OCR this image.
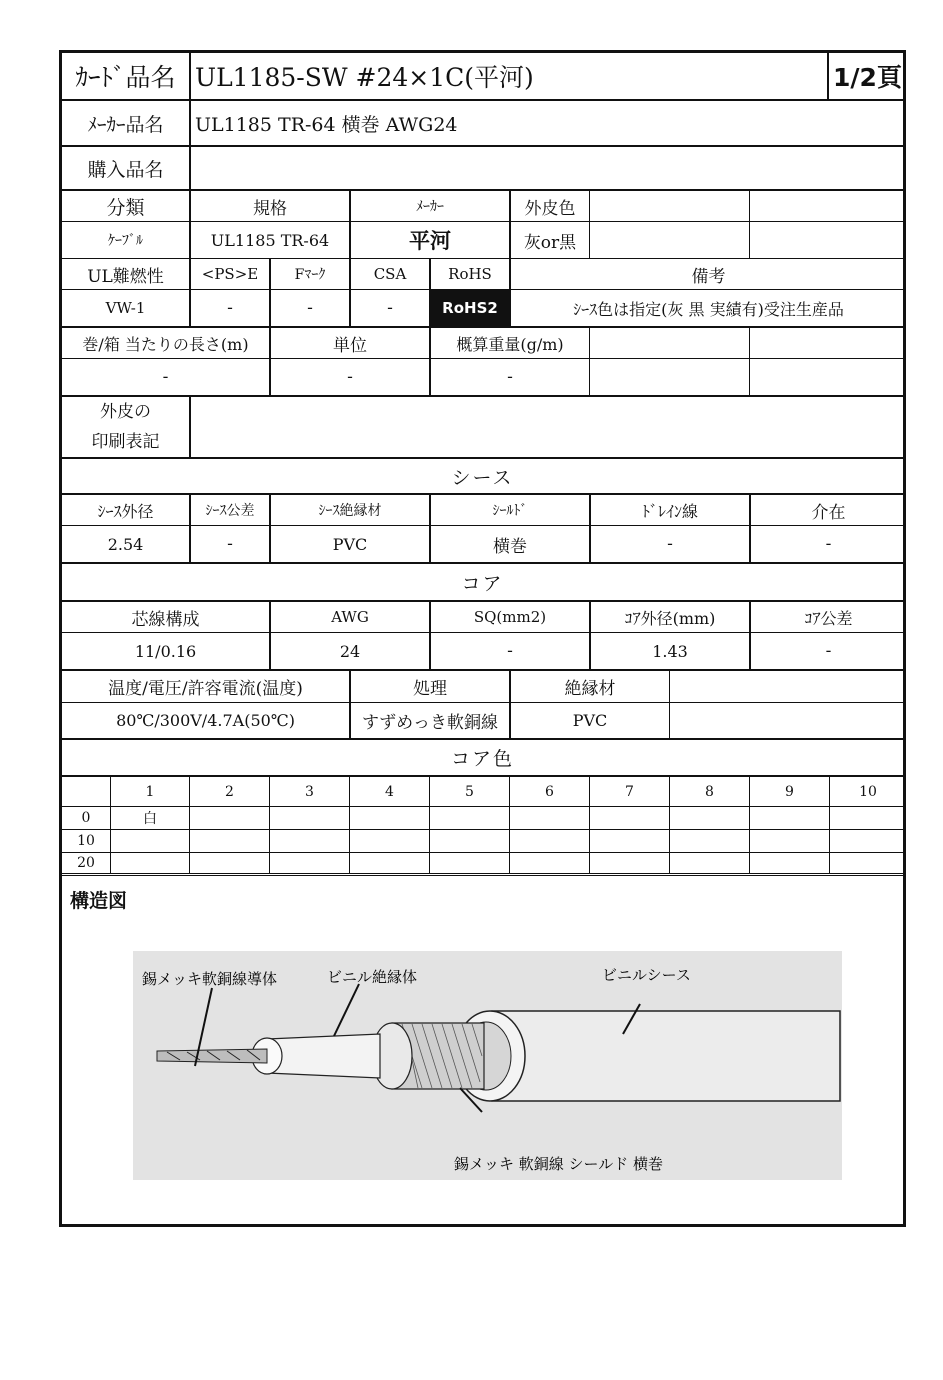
ｶｰﾄﾞ品名 UL1185-SW #24×1C(平河)	1/2頁
ﾒｰｶｰ品名	UL1185 TR-64 横巻 AWG24
購入品名
分類	規格	ﾒｰｶｰ	外皮色
ｹｰﾌﾞﾙ	UL1185 TR-64	平河	灰or黒
UL難燃性	<PS>E	Fﾏｰｸ	CSA	RoHS	備考
VW-1	-	-	-	RoHS2	ｼｰｽ色は指定(灰 黒 実績有)受注生産品
巻/箱 当たりの長さ(m)	単位	概算重量(g/m)
-	-	-
外皮の
印刷表記
シース
ｼｰｽ外径	ｼｰｽ公差	ｼｰｽ絶縁材	ｼｰﾙﾄﾞ	ﾄﾞﾚｲﾝ線	介在
2.54	-	PVC	横巻	-	-
コア
芯線構成	AWG	SQ(mm2)	ｺｱ外径(mm)	ｺｱ公差
11/0.16	24	-	1.43	-
温度/電圧/許容電流(温度)	処理	絶縁材
80℃/300V/4.7A(50℃)	すずめっき軟銅線	PVC
コア色
1	2	3	4	5	6	7	8	9	10
0	白
10
20
構造図
錫メッキ軟銅線導体	ビニル絶縁体	ビニルシース
錫メッキ 軟銅線 シールド 横巻
